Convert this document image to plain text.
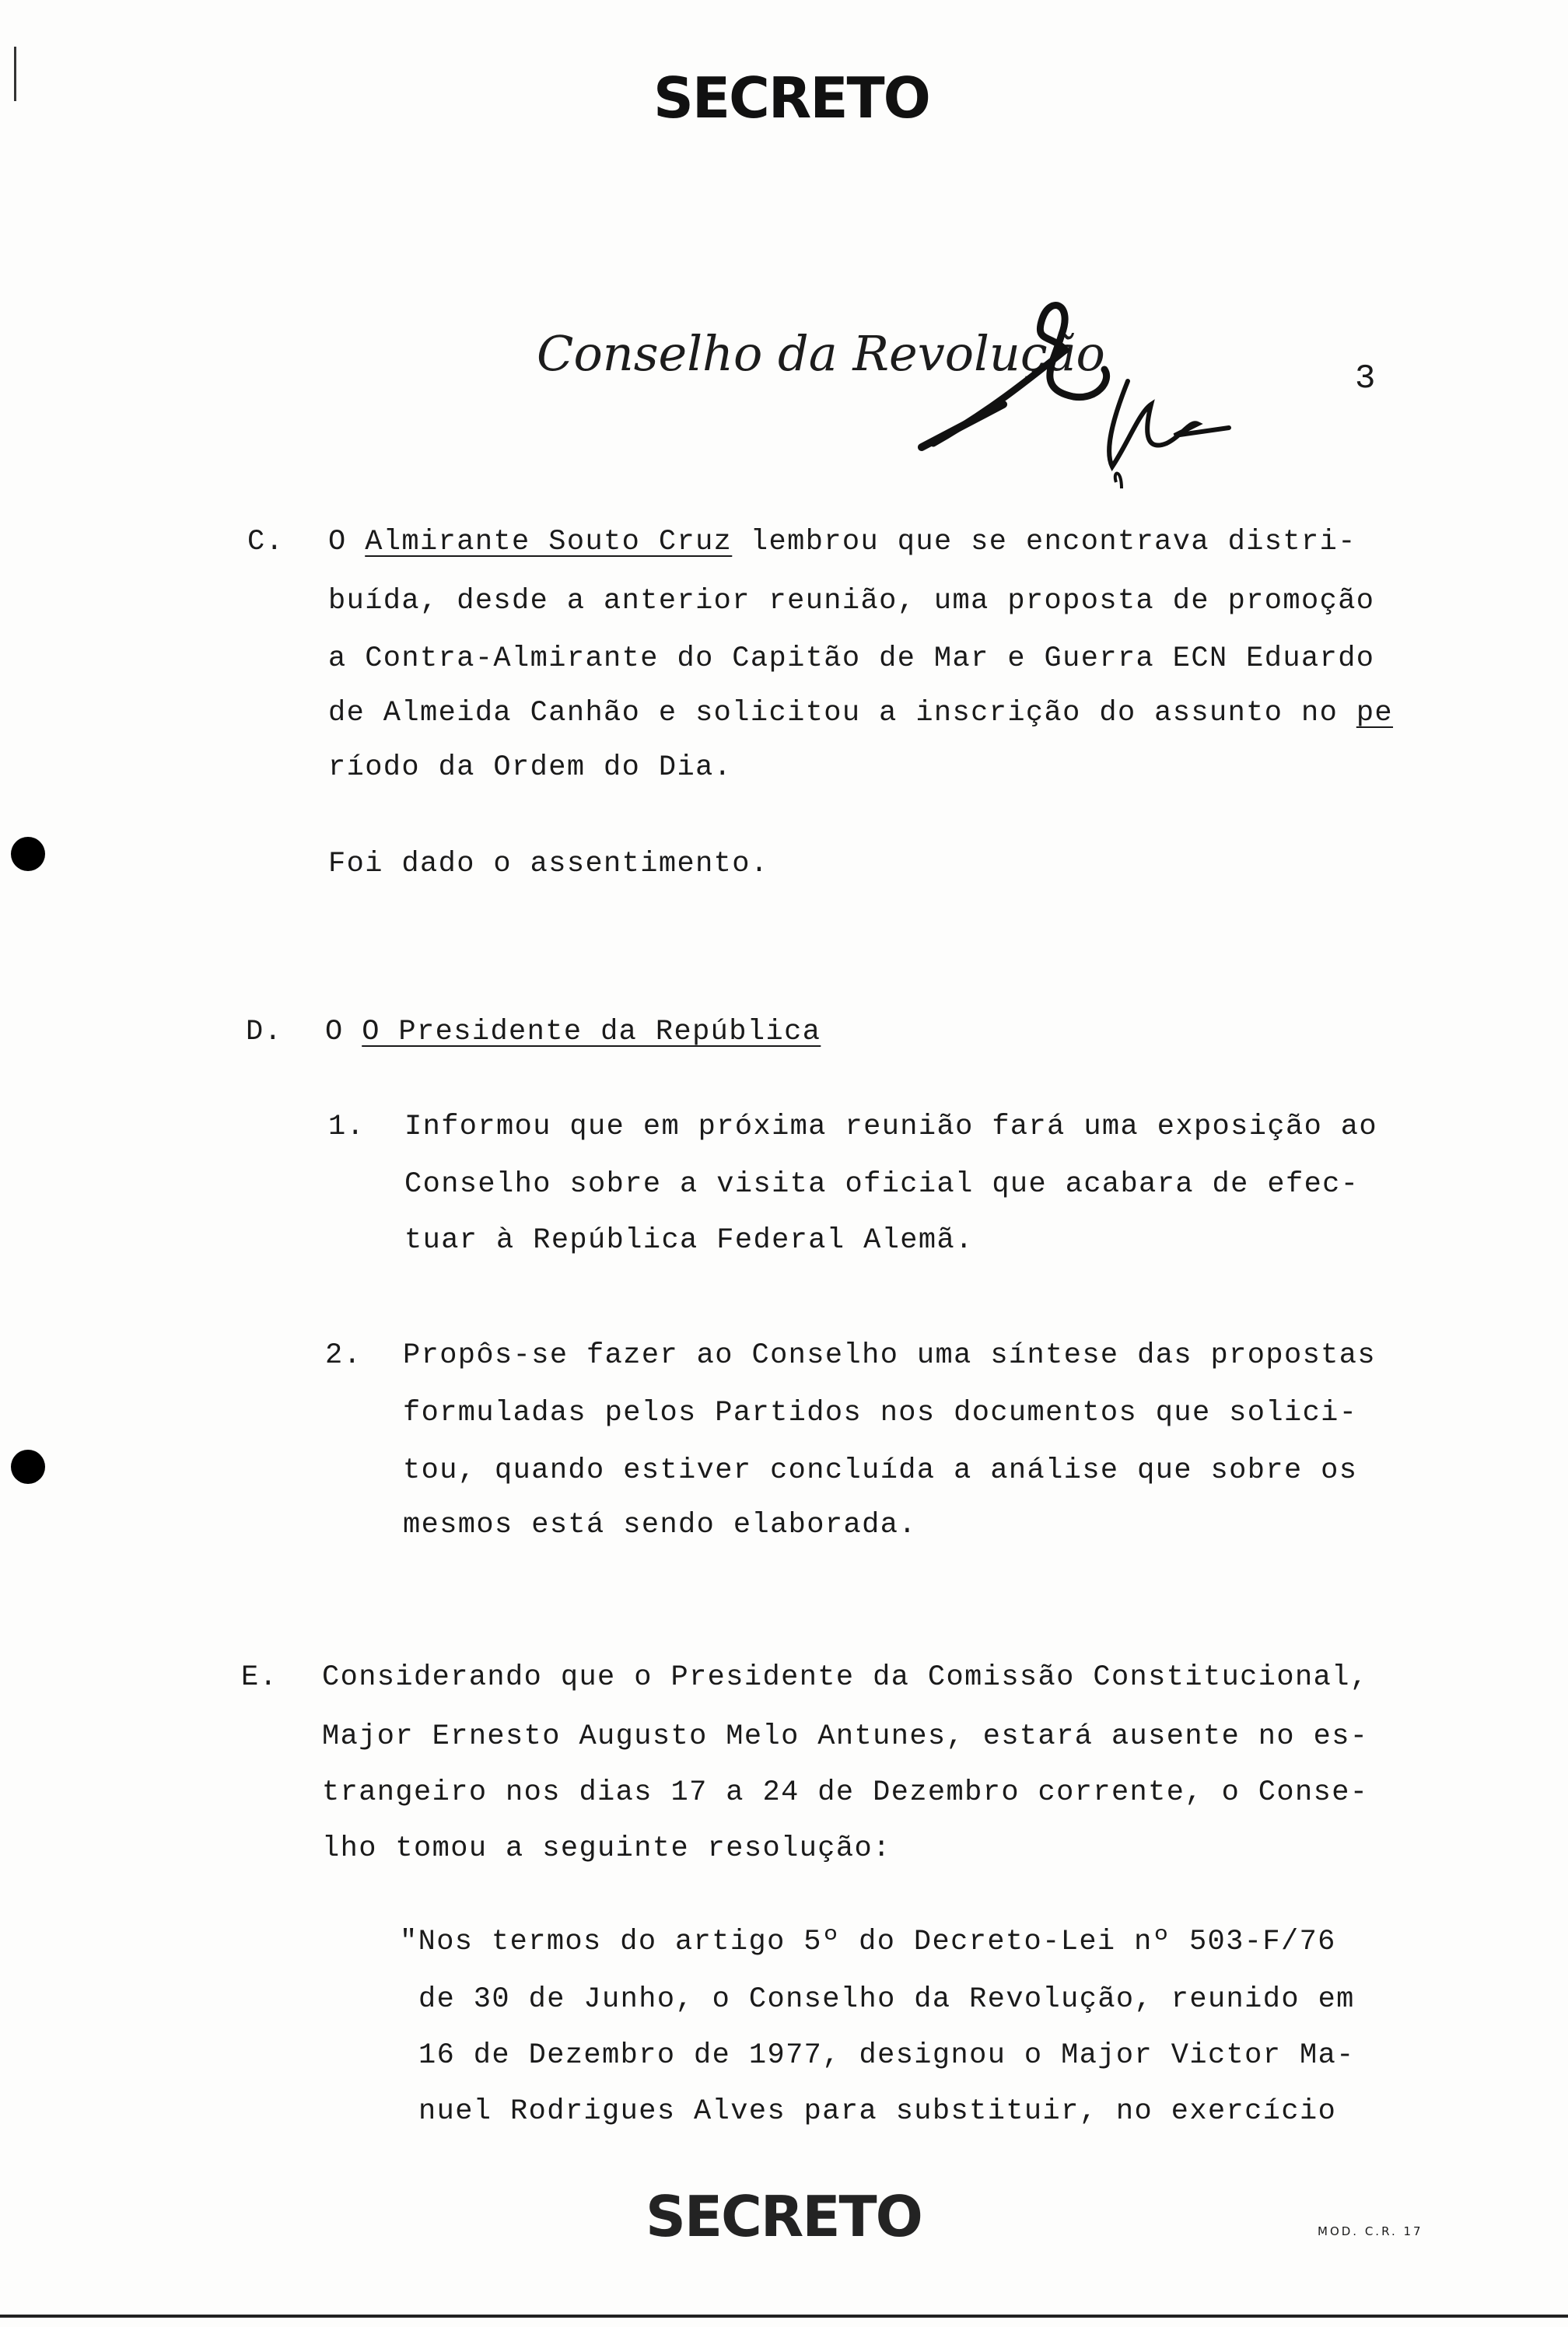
SECRETO
Conselho da Revolução	3
C. O Almirante Souto Cruz lembrou que se encontrava distri-
buída, desde a anterior reunião, uma proposta de promoção
a Contra-Almirante do Capitão de Mar e Guerra ECN Eduardo
de Almeida Canhão e solicitou a inscrição do assunto no pe
ríodo da Ordem do Dia.
Foi dado o assentimento.
D. O O Presidente da República
1. Informou que em próxima reunião fará uma exposição ao
Conselho sobre a visita oficial que acabara de efec-
tuar à República Federal Alemã.
2. Propôs-se fazer ao Conselho uma síntese das propostas
formuladas pelos Partidos nos documentos que solici-
tou, quando estiver concluída a análise que sobre os
mesmos está sendo elaborada.
E. Considerando que o Presidente da Comissão Constitucional,
Major Ernesto Augusto Melo Antunes, estará ausente no es-
trangeiro nos dias 17 a 24 de Dezembro corrente, o Conse-
lho tomou a seguinte resolução:
"Nos termos do artigo 5º do Decreto-Lei nº 503-F/76
de 30 de Junho, o Conselho da Revolução, reunido em
16 de Dezembro de 1977, designou o Major Victor Ma-
nuel Rodrigues Alves para substituir, no exercício
SECRETO	MOD. C.R. 17
